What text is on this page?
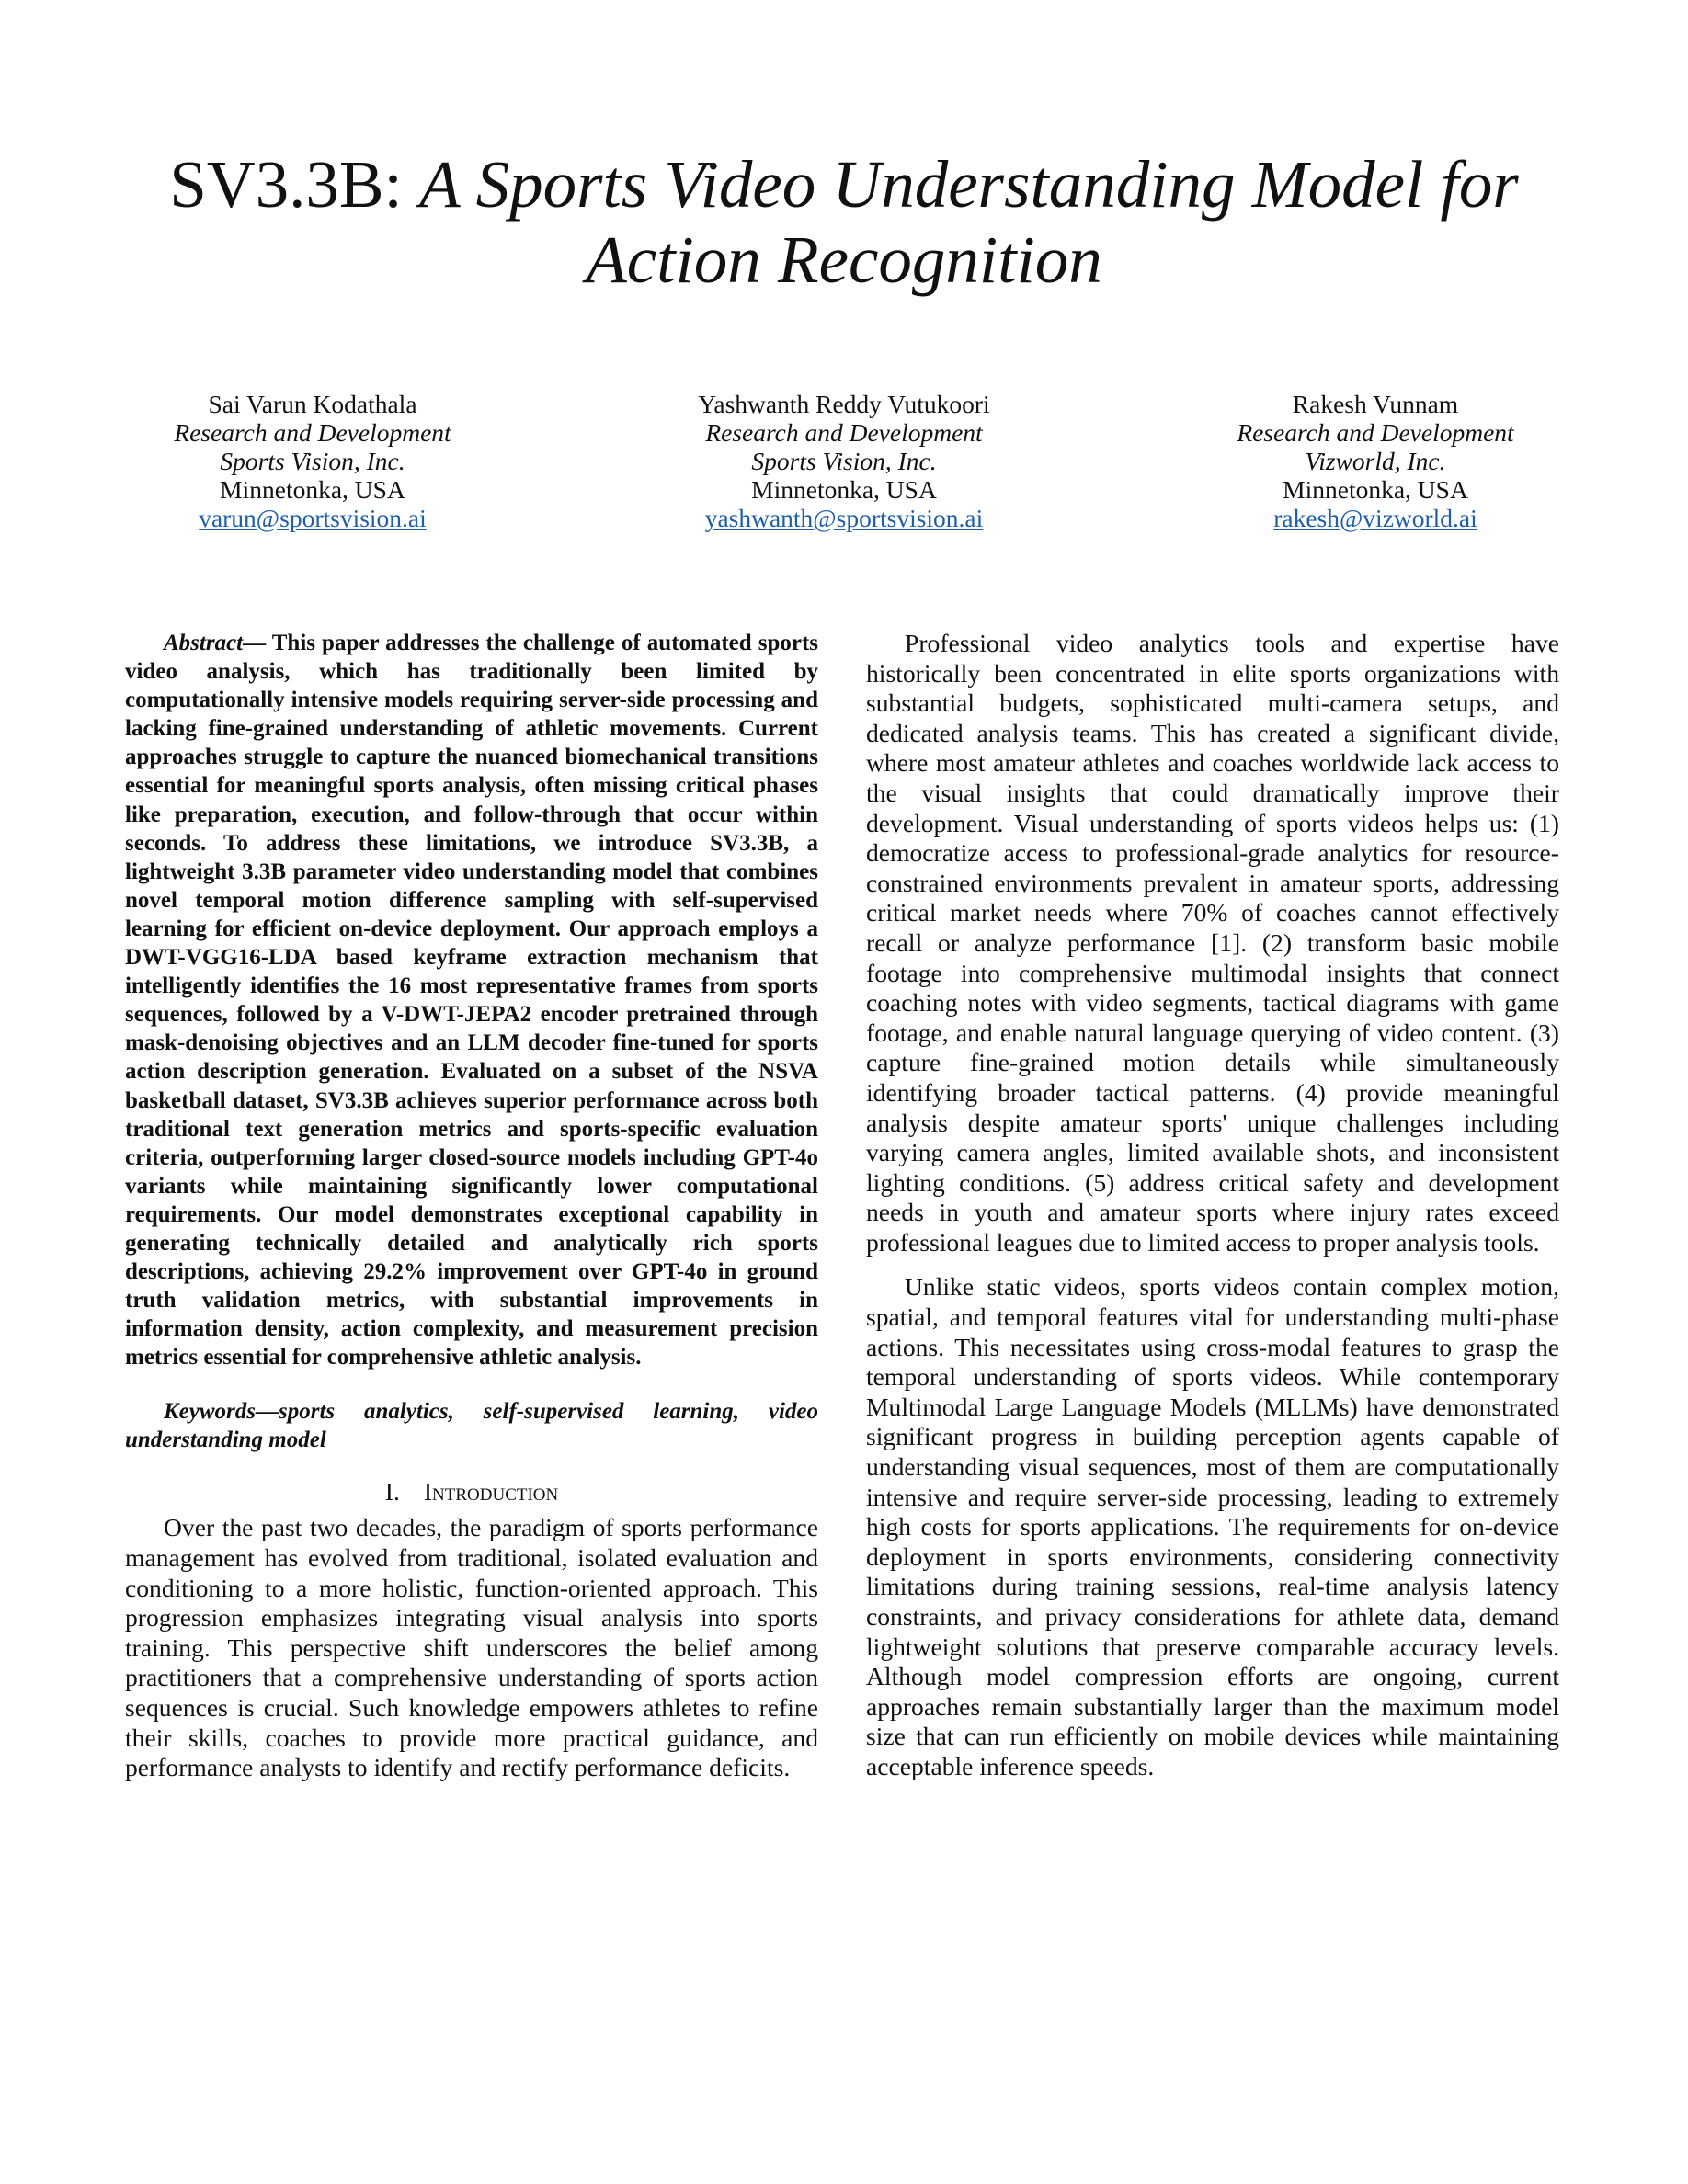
SV3.3B: A Sports Video Understanding Model for
Action Recognition
Sai Varun Kodathala
Research and Development
Sports Vision, Inc.
Minnetonka, USA
varun@sportsvision.ai
Yashwanth Reddy Vutukoori
Research and Development
Sports Vision, Inc.
Minnetonka, USA
yashwanth@sportsvision.ai
Rakesh Vunnam
Research and Development
Vizworld, Inc.
Minnetonka, USA
rakesh@vizworld.ai

Abstract— This paper addresses the challenge of automated sports video analysis, which has traditionally been limited by computationally intensive models requiring server-side processing and lacking fine-grained understanding of athletic movements. Current approaches struggle to capture the nuanced biomechanical transitions essential for meaningful sports analysis, often missing critical phases like preparation, execution, and follow-through that occur within seconds. To address these limitations, we introduce SV3.3B, a lightweight 3.3B parameter video understanding model that combines novel temporal motion difference sampling with self-supervised learning for efficient on-device deployment. Our approach employs a DWT-VGG16-LDA based keyframe extraction mechanism that intelligently identifies the 16 most representative frames from sports sequences, followed by a V-DWT-JEPA2 encoder pretrained through mask-denoising objectives and an LLM decoder fine-tuned for sports action description generation. Evaluated on a subset of the NSVA basketball dataset, SV3.3B achieves superior performance across both traditional text generation metrics and sports-specific evaluation criteria, outperforming larger closed-source models including GPT-4o variants while maintaining significantly lower computational requirements. Our model demonstrates exceptional capability in generating technically detailed and analytically rich sports descriptions, achieving 29.2% improvement over GPT-4o in ground truth validation metrics, with substantial improvements in information density, action complexity, and measurement precision metrics essential for comprehensive athletic analysis.

Keywords—sports analytics, self-supervised learning, video understanding model

I. Introduction

Over the past two decades, the paradigm of sports performance management has evolved from traditional, isolated evaluation and conditioning to a more holistic, function-oriented approach. This progression emphasizes integrating visual analysis into sports training. This perspective shift underscores the belief among practitioners that a comprehensive understanding of sports action sequences is crucial. Such knowledge empowers athletes to refine their skills, coaches to provide more practical guidance, and performance analysts to identify and rectify performance deficits.

Professional video analytics tools and expertise have historically been concentrated in elite sports organizations with substantial budgets, sophisticated multi-camera setups, and dedicated analysis teams. This has created a significant divide, where most amateur athletes and coaches worldwide lack access to the visual insights that could dramatically improve their development. Visual understanding of sports videos helps us: (1) democratize access to professional-grade analytics for resource-constrained environments prevalent in amateur sports, addressing critical market needs where 70% of coaches cannot effectively recall or analyze performance [1]. (2) transform basic mobile footage into comprehensive multimodal insights that connect coaching notes with video segments, tactical diagrams with game footage, and enable natural language querying of video content. (3) capture fine-grained motion details while simultaneously identifying broader tactical patterns. (4) provide meaningful analysis despite amateur sports' unique challenges including varying camera angles, limited available shots, and inconsistent lighting conditions. (5) address critical safety and development needs in youth and amateur sports where injury rates exceed professional leagues due to limited access to proper analysis tools.

Unlike static videos, sports videos contain complex motion, spatial, and temporal features vital for understanding multi-phase actions. This necessitates using cross-modal features to grasp the temporal understanding of sports videos. While contemporary Multimodal Large Language Models (MLLMs) have demonstrated significant progress in building perception agents capable of understanding visual sequences, most of them are computationally intensive and require server-side processing, leading to extremely high costs for sports applications. The requirements for on-device deployment in sports environments, considering connectivity limitations during training sessions, real-time analysis latency constraints, and privacy considerations for athlete data, demand lightweight solutions that preserve comparable accuracy levels. Although model compression efforts are ongoing, current approaches remain substantially larger than the maximum model size that can run efficiently on mobile devices while maintaining acceptable inference speeds.
